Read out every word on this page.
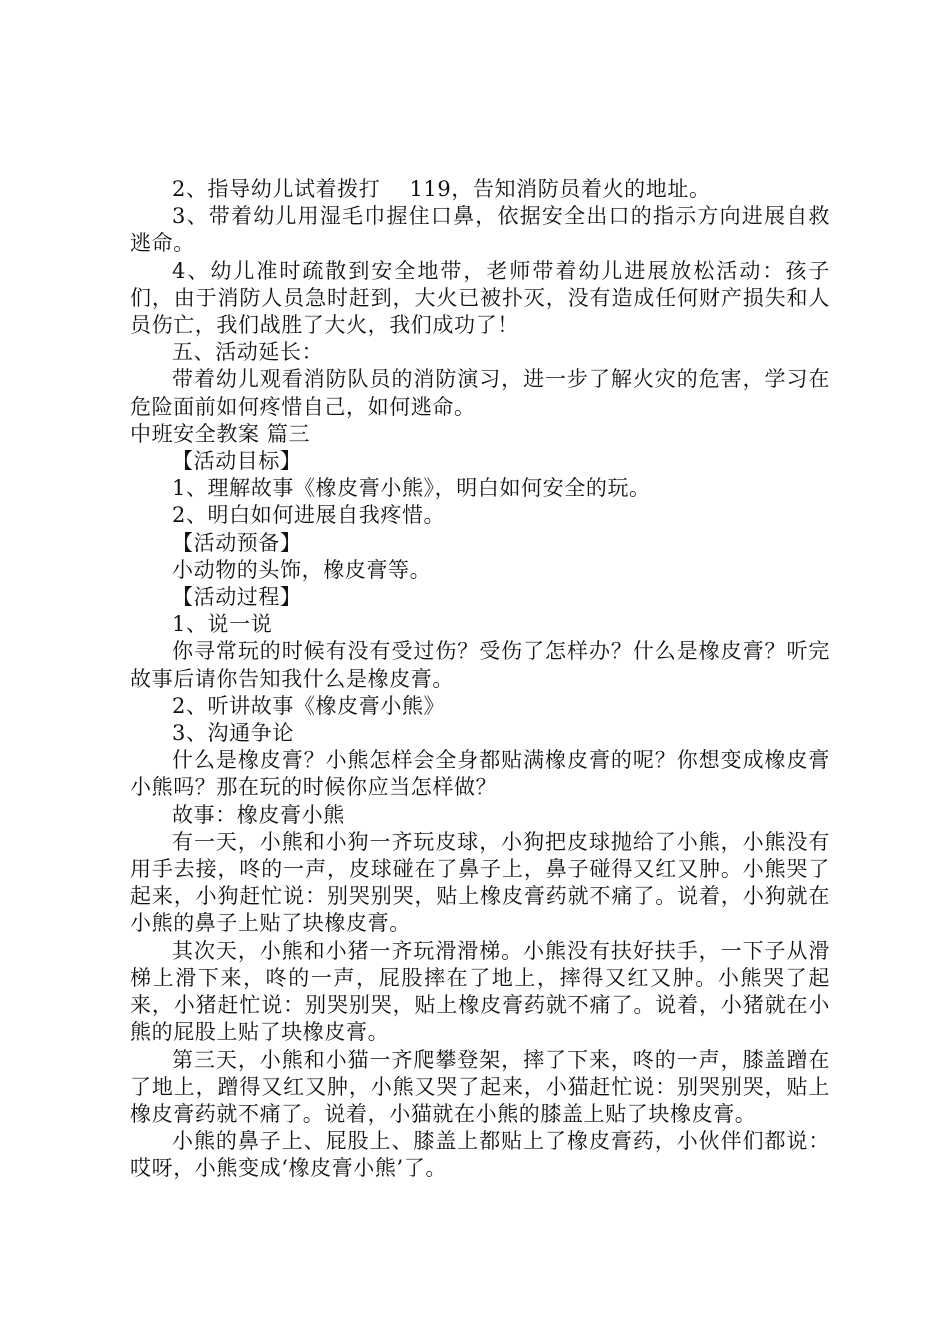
2、指导幼儿试着拨打    119，告知消防员着火的地址。

3、带着幼儿用湿毛巾握住口鼻，依据安全出口的指示方向进展自救逃命。

4、幼儿准时疏散到安全地带，老师带着幼儿进展放松活动：孩子们，由于消防人员急时赶到，大火已被扑灭，没有造成任何财产损失和人员伤亡，我们战胜了大火，我们成功了！

五、活动延长：

带着幼儿观看消防队员的消防演习，进一步了解火灾的危害，学习在危险面前如何疼惜自己，如何逃命。

中班安全教案 篇三

【活动目标】

1、理解故事《橡皮膏小熊》，明白如何安全的玩。

2、明白如何进展自我疼惜。

【活动预备】

小动物的头饰，橡皮膏等。

【活动过程】

1、说一说

你寻常玩的时候有没有受过伤？受伤了怎样办？什么是橡皮膏？听完故事后请你告知我什么是橡皮膏。

2、听讲故事《橡皮膏小熊》

3、沟通争论

什么是橡皮膏？小熊怎样会全身都贴满橡皮膏的呢？你想变成橡皮膏小熊吗？那在玩的时候你应当怎样做？

故事：橡皮膏小熊

有一天，小熊和小狗一齐玩皮球，小狗把皮球抛给了小熊，小熊没有用手去接，咚的一声，皮球碰在了鼻子上，鼻子碰得又红又肿。小熊哭了起来，小狗赶忙说：别哭别哭，贴上橡皮膏药就不痛了。说着，小狗就在小熊的鼻子上贴了块橡皮膏。

其次天，小熊和小猪一齐玩滑滑梯。小熊没有扶好扶手，一下子从滑梯上滑下来，咚的一声，屁股摔在了地上，摔得又红又肿。小熊哭了起来，小猪赶忙说：别哭别哭，贴上橡皮膏药就不痛了。说着，小猪就在小熊的屁股上贴了块橡皮膏。

第三天，小熊和小猫一齐爬攀登架，摔了下来，咚的一声，膝盖蹭在了地上，蹭得又红又肿，小熊又哭了起来，小猫赶忙说：别哭别哭，贴上橡皮膏药就不痛了。说着，小猫就在小熊的膝盖上贴了块橡皮膏。

小熊的鼻子上、屁股上、膝盖上都贴上了橡皮膏药，小伙伴们都说：哎呀，小熊变成‘橡皮膏小熊’了。
